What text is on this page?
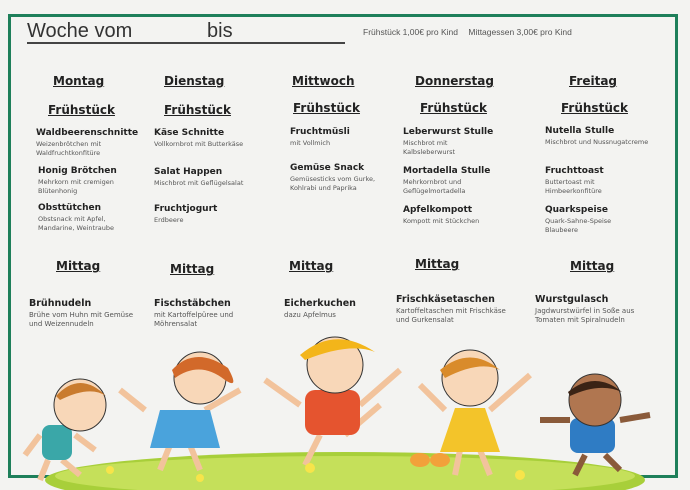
Woche vom	bis	Frühstück 1,00€ pro Kind Mittagessen 3,00€ pro Kind
Montag
Frühstück
Waldbeerenschnitte
Weizenbrötchen mit Waldfruchtkonfitüre
Honig Brötchen
Mehrkorn mit cremigen Blütenhonig
Obsttütchen
Obstsnack mit Apfel, Mandarine, Weintraube
Mittag
Brühnudeln
Brühe vom Huhn mit Gemüse und Weizennudeln
Dienstag
Frühstück
Käse Schnitte
Vollkornbrot mit Butterkäse
Salat Happen
Mischbrot mit Geflügelsalat
Fruchtjogurt
Erdbeere
Mittag
Fischstäbchen
mit Kartoffelpüree und Möhrensalat
Mittwoch
Frühstück
Fruchtmüsli
mit Vollmich
Gemüse Snack
Gemüsesticks vom Gurke, Kohlrabi und Paprika
Mittag
Eicherkuchen
dazu Apfelmus
Donnerstag
Frühstück
Leberwurst Stulle
Mischbrot mit Kalbsleberwurst
Mortadella Stulle
Mehrkornbrot und Geflügelmortadella
Apfelkompott
Kompott mit Stückchen
Mittag
Frischkäsetaschen
Kartoffeltaschen mit Frischkäse und Gurkensalat
Freitag
Frühstück
Nutella Stulle
Mischbrot und Nussnugatcreme
Fruchttoast
Buttertoast mit Himbeerkonfitüre
Quarkspeise
Quark-Sahne-Speise Blaubeere
Mittag
Wurstgulasch
Jagdwurstwürfel in Soße aus Tomaten mit Spiralnudeln
